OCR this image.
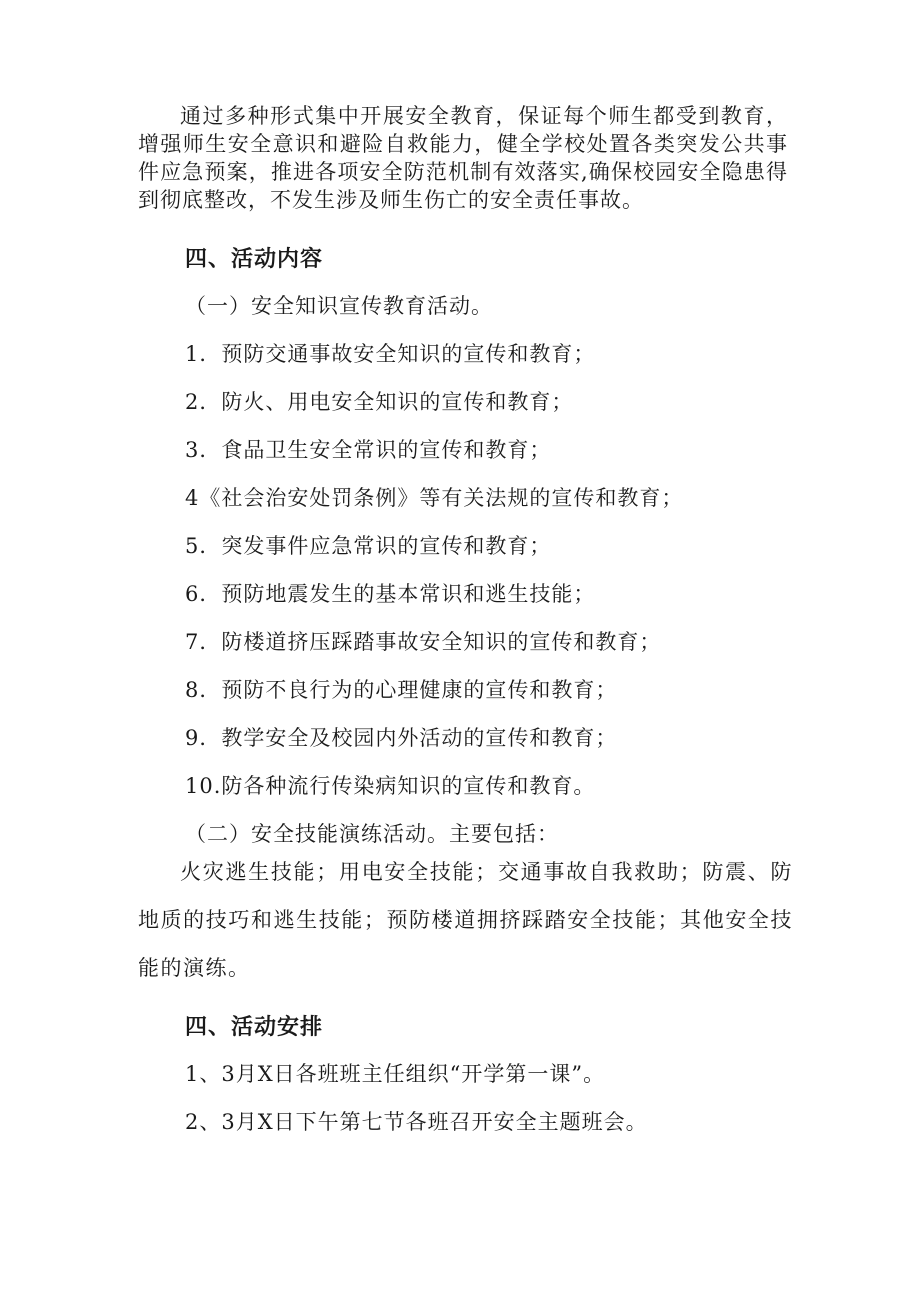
通过多种形式集中开展安全教育，保证每个师生都受到教育，增强师生安全意识和避险自救能力，健全学校处置各类突发公共事件应急预案，推进各项安全防范机制有效落实,确保校园安全隐患得到彻底整改，不发生涉及师生伤亡的安全责任事故。

四、活动内容

（一）安全知识宣传教育活动。

1．预防交通事故安全知识的宣传和教育；

2．防火、用电安全知识的宣传和教育；

3．食品卫生安全常识的宣传和教育；

4《社会治安处罚条例》等有关法规的宣传和教育；

5．突发事件应急常识的宣传和教育；

6．预防地震发生的基本常识和逃生技能；

7．防楼道挤压踩踏事故安全知识的宣传和教育；

8．预防不良行为的心理健康的宣传和教育；

9．教学安全及校园内外活动的宣传和教育；

10.防各种流行传染病知识的宣传和教育。

（二）安全技能演练活动。主要包括：

火灾逃生技能；用电安全技能；交通事故自我救助；防震、防地质的技巧和逃生技能；预防楼道拥挤踩踏安全技能；其他安全技能的演练。

四、活动安排

1、3月X日各班班主任组织“开学第一课”。

2、3月X日下午第七节各班召开安全主题班会。
